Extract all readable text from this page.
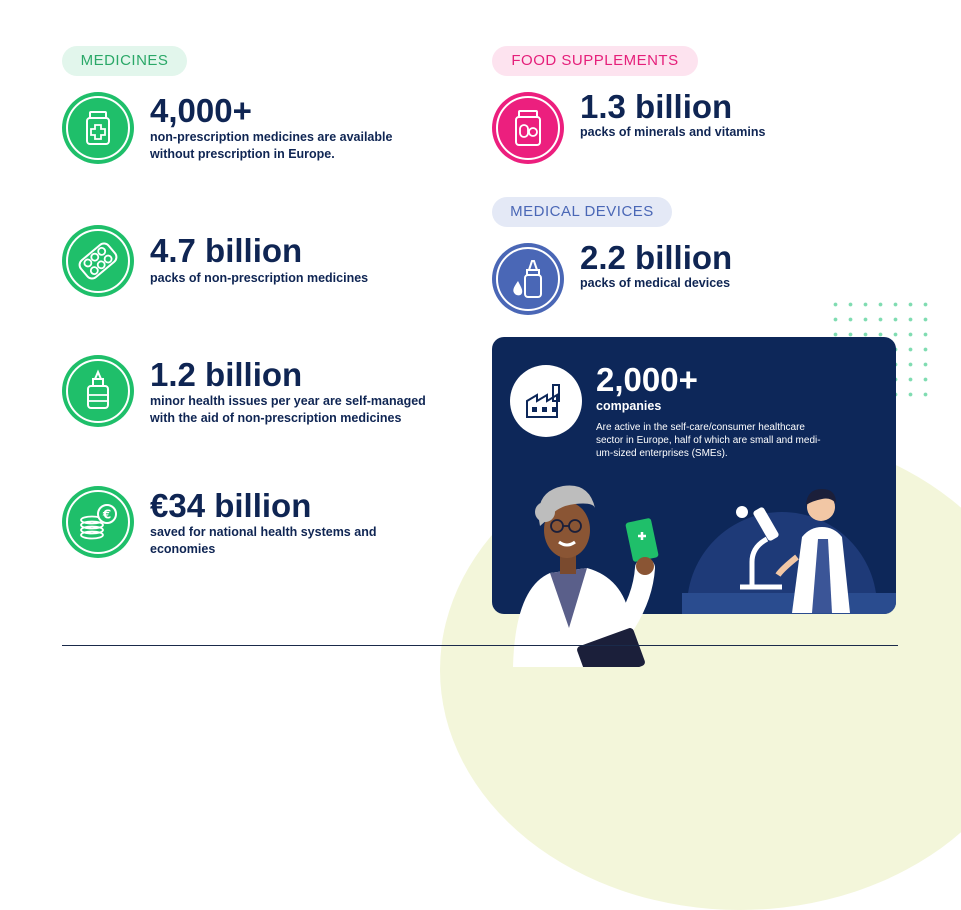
MEDICINES
4,000+
non-prescription medicines are available
without prescription in Europe.
4.7 billion
packs of non-prescription medicines
1.2 billion
minor health issues per year are self-managed
with the aid of non-prescription medicines
€ €34 billion
saved for national health systems and
economies
FOOD SUPPLEMENTS
1.3 billion
packs of minerals and vitamins
MEDICAL DEVICES
2.2 billion
packs of medical devices
2,000+
companies
Are active in the self-care/consumer healthcare
sector in Europe, half of which are small and medi-
um-sized enterprises (SMEs).
